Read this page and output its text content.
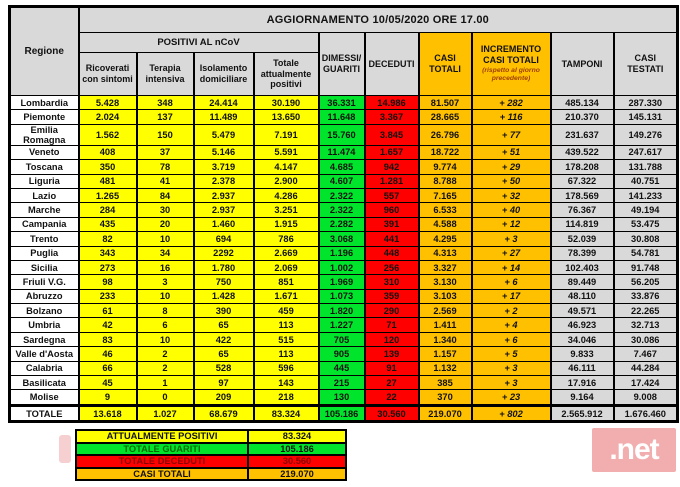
Regione	AGGIORNAMENTO 10/05/2020 ORE 17.00									
POSITIVI AL nCoV	
DIMESSI/
GUARITI
	DECEDUTI	CASI TOTALI	
INCREMENTO CASI TOTALI
(rispetto al giorno precedente)
	TAMPONI	CASI TESTATI
	Ricoverati con sintomi	Terapia intensiva	Isolamento domiciliare	Totale attualmente positivi						
Lombardia	5.428	348	24.414	30.190	36.331	14.986	81.507	+ 282	485.134	287.330
Piemonte	2.024	137	11.489	13.650	11.648	3.367	28.665	+ 116	210.370	145.131
Emilia Romagna	1.562	150	5.479	7.191	15.760	3.845	26.796	+ 77	231.637	149.276
Veneto	408	37	5.146	5.591	11.474	1.657	18.722	+ 51	439.522	247.617
Toscana	350	78	3.719	4.147	4.685	942	9.774	+ 29	178.208	131.788
Liguria	481	41	2.378	2.900	4.607	1.281	8.788	+ 50	67.322	40.751
Lazio	1.265	84	2.937	4.286	2.322	557	7.165	+ 32	178.569	141.233
Marche	284	30	2.937	3.251	2.322	960	6.533	+ 40	76.367	49.194
Campania	435	20	1.460	1.915	2.282	391	4.588	+ 12	114.819	53.475
Trento	82	10	694	786	3.068	441	4.295	+ 3	52.039	30.808
Puglia	343	34	2292	2.669	1.196	448	4.313	+ 27	78.399	54.781
Sicilia	273	16	1.780	2.069	1.002	256	3.327	+ 14	102.403	91.748
Friuli V.G.	98	3	750	851	1.969	310	3.130	+ 6	89.449	56.205
Abruzzo	233	10	1.428	1.671	1.073	359	3.103	+ 17	48.110	33.876
Bolzano	61	8	390	459	1.820	290	2.569	+ 2	49.571	22.265
Umbria	42	6	65	113	1.227	71	1.411	+ 4	46.923	32.713
Sardegna	83	10	422	515	705	120	1.340	+ 6	34.046	30.086
Valle d'Aosta	46	2	65	113	905	139	1.157	+ 5	9.833	7.467
Calabria	66	2	528	596	445	91	1.132	+ 3	46.111	44.284
Basilicata	45	1	97	143	215	27	385	+ 3	17.916	17.424
Molise	9	0	209	218	130	22	370	+ 23	9.164	9.008
TOTALE	13.618	1.027	68.679	83.324	105.186	30.560	219.070	+ 802	2.565.912	1.676.460
ATTUALMENTE POSITIVI	83.324
TOTALE GUARITI	105.186
TOTALE DECEDUTI	30.560
CASI TOTALI	219.070
.net
